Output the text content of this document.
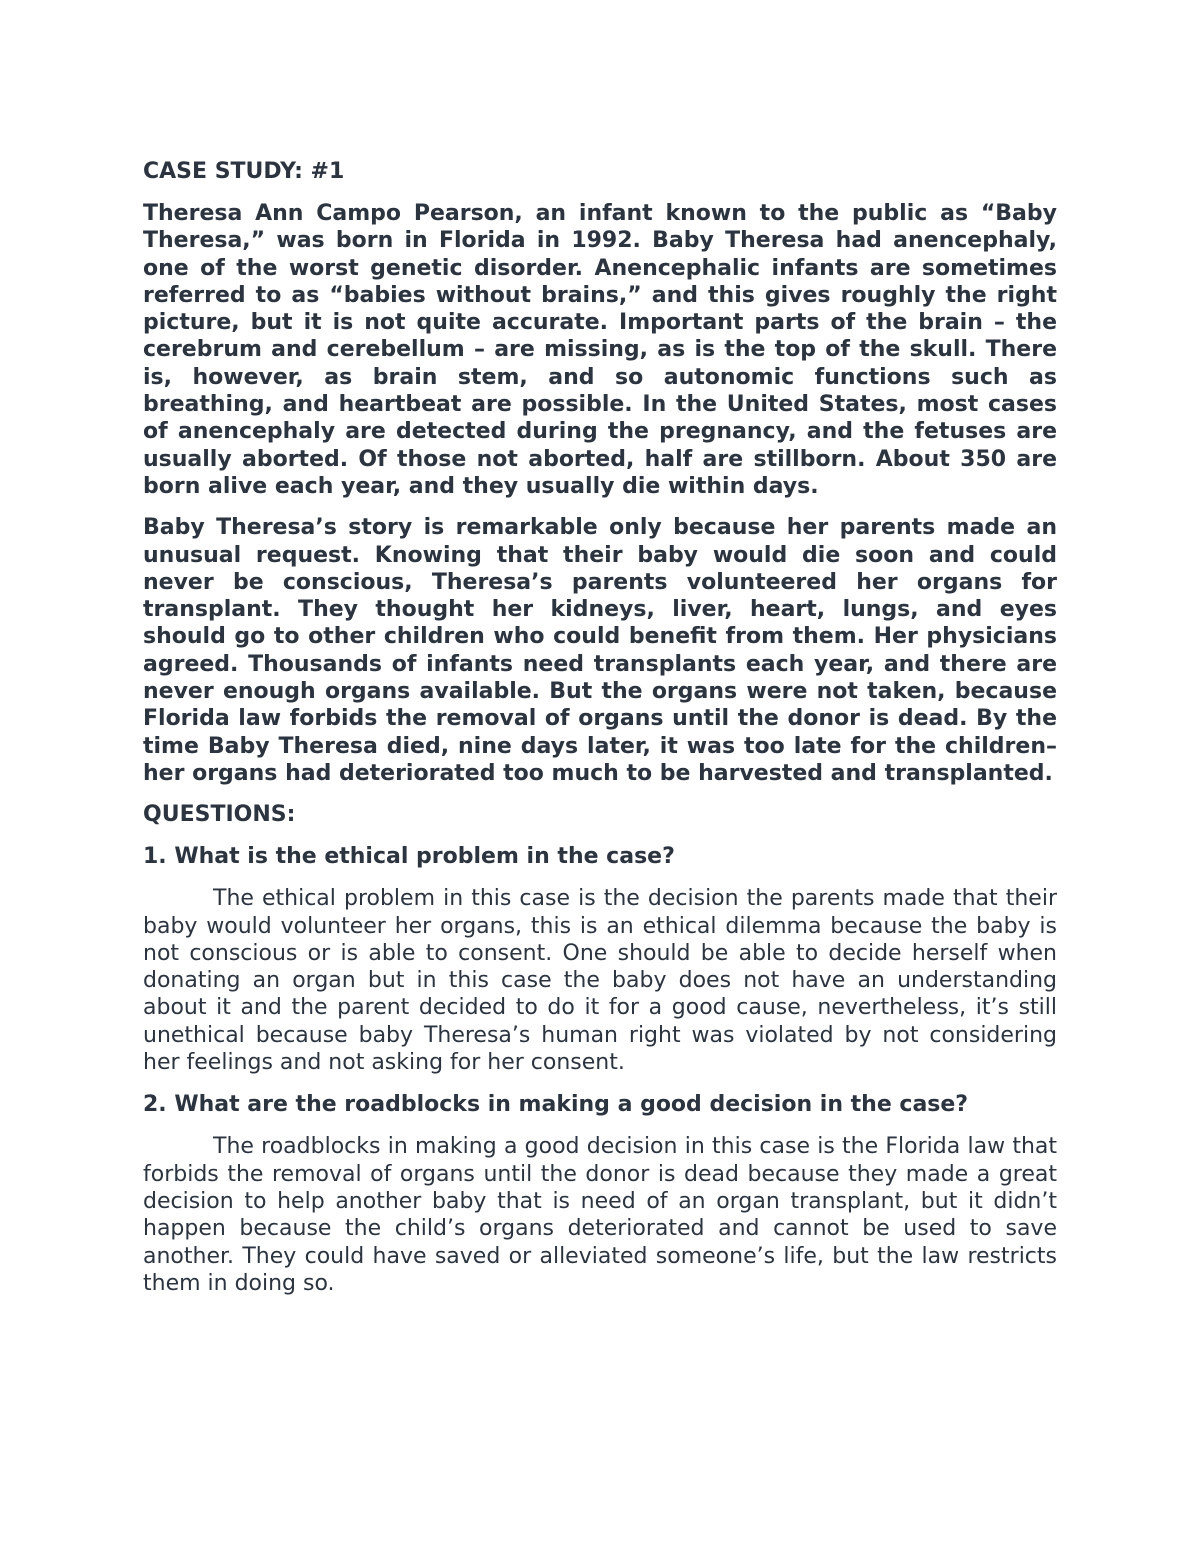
CASE STUDY: #1

Theresa Ann Campo Pearson, an infant known to the public as “Baby Theresa,” was born in Florida in 1992. Baby Theresa had anencephaly, one of the worst genetic disorder. Anencephalic infants are sometimes referred to as “babies without brains,” and this gives roughly the right picture, but it is not quite accurate. Important parts of the brain – the cerebrum and cerebellum – are missing, as is the top of the skull. There is, however, as brain stem, and so autonomic functions such as breathing, and heartbeat are possible. In the United States, most cases of anencephaly are detected during the pregnancy, and the fetuses are usually aborted. Of those not aborted, half are stillborn. About 350 are born alive each year, and they usually die within days.

Baby Theresa’s story is remarkable only because her parents made an unusual request. Knowing that their baby would die soon and could never be conscious, Theresa’s parents volunteered her organs for transplant. They thought her kidneys, liver, heart, lungs, and eyes should go to other children who could benefit from them. Her physicians agreed. Thousands of infants need transplants each year, and there are never enough organs available. But the organs were not taken, because Florida law forbids the removal of organs until the donor is dead. By the time Baby Theresa died, nine days later, it was too late for the children– her organs had deteriorated too much to be harvested and transplanted.

QUESTIONS:

1. What is the ethical problem in the case?

The ethical problem in this case is the decision the parents made that their baby would volunteer her organs, this is an ethical dilemma because the baby is not conscious or is able to consent. One should be able to decide herself when donating an organ but in this case the baby does not have an understanding about it and the parent decided to do it for a good cause, nevertheless, it’s still unethical because baby Theresa’s human right was violated by not considering her feelings and not asking for her consent.

2. What are the roadblocks in making a good decision in the case?

The roadblocks in making a good decision in this case is the Florida law that forbids the removal of organs until the donor is dead because they made a great decision to help another baby that is need of an organ transplant, but it didn’t happen because the child’s organs deteriorated and cannot be used to save another. They could have saved or alleviated someone’s life, but the law restricts them in doing so.
